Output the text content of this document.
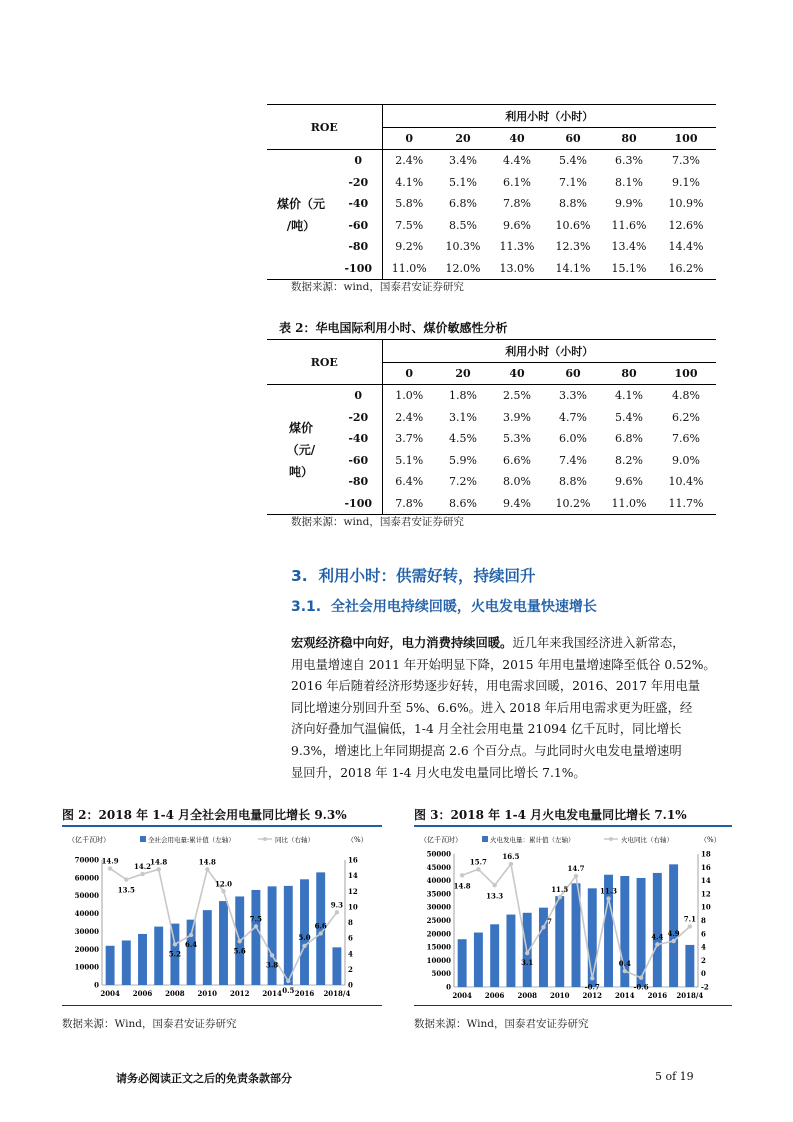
ROE		利用小时（小时）					
		0	20	40	60	80	100

煤价（元
/吨）	0	2.4%	3.4%	4.4%	5.4%	6.3%	7.3%
	-20	4.1%	5.1%	6.1%	7.1%	8.1%	9.1%
	-40	5.8%	6.8%	7.8%	8.8%	9.9%	10.9%
	-60	7.5%	8.5%	9.6%	10.6%	11.6%	12.6%
	-80	9.2%	10.3%	11.3%	12.3%	13.4%	14.4%
	-100	11.0%	12.0%	13.0%	14.1%	15.1%	16.2%
数据来源：wind，国泰君安证券研究
表 2：华电国际利用小时、煤价敏感性分析
ROE		利用小时（小时）					
		0	20	40	60	80	100

煤价
（元/
吨）	0	1.0%	1.8%	2.5%	3.3%	4.1%	4.8%
	-20	2.4%	3.1%	3.9%	4.7%	5.4%	6.2%
	-40	3.7%	4.5%	5.3%	6.0%	6.8%	7.6%
	-60	5.1%	5.9%	6.6%	7.4%	8.2%	9.0%
	-80	6.4%	7.2%	8.0%	8.8%	9.6%	10.4%
	-100	7.8%	8.6%	9.4%	10.2%	11.0%	11.7%
数据来源：wind，国泰君安证券研究
3.  利用小时：供需好转，持续回升
3.1.  全社会用电持续回暖，火电发电量快速增长
宏观经济稳中向好，电力消费持续回暖。近几年来我国经济进入新常态，
用电量增速自 2011 年开始明显下降，2015 年用电量增速降至低谷 0.52%。
2016 年后随着经济形势逐步好转，用电需求回暖，2016、2017 年用电量
同比增速分别回升至 5%、6.6%。进入 2018 年后用电需求更为旺盛，经
济向好叠加气温偏低，1-4 月全社会用电量 21094 亿千瓦时，同比增长
9.3%，增速比上年同期提高 2.6 个百分点。与此同时火电发电量增速明
显回升，2018 年 1-4 月火电发电量同比增长 7.1%。
图 2：2018 年 1-4 月全社会用电量同比增长 9.3%
（亿千瓦时）	（%）
全社会用电量:累计值（左轴）	同比（右轴）
0
10000
20000
30000
40000
50000
60000
70000
0
2
4
6
8
10
12
14
16
2004 2006 2008 2010 2012 2014 2016 2018/4
14.9
13.5
14.2
14.8
5.2
6.4
14.8
12.0
5.6
7.5
3.8
0.5
5.0
6.6
9.3
数据来源：Wind，国泰君安证券研究
图 3：2018 年 1-4 月火电发电量同比增长 7.1%
（亿千瓦时）	（%）
火电发电量：累计值（左轴）	火电同比（右轴）
0
5000
10000
15000
20000
25000
30000
35000
40000
45000
50000
-2
0
2
4
6
8
10
12
14
16
18
2004 2006 2008 2010 2012 2014 2016 2018/4
14.8
15.7
13.3
16.5
3.1
7
11.5
14.7
-0.7
11.3
0.4
-0.6
4.4 4.9
7.1
数据来源：Wind，国泰君安证券研究
请务必阅读正文之后的免责条款部分	5 of 19
